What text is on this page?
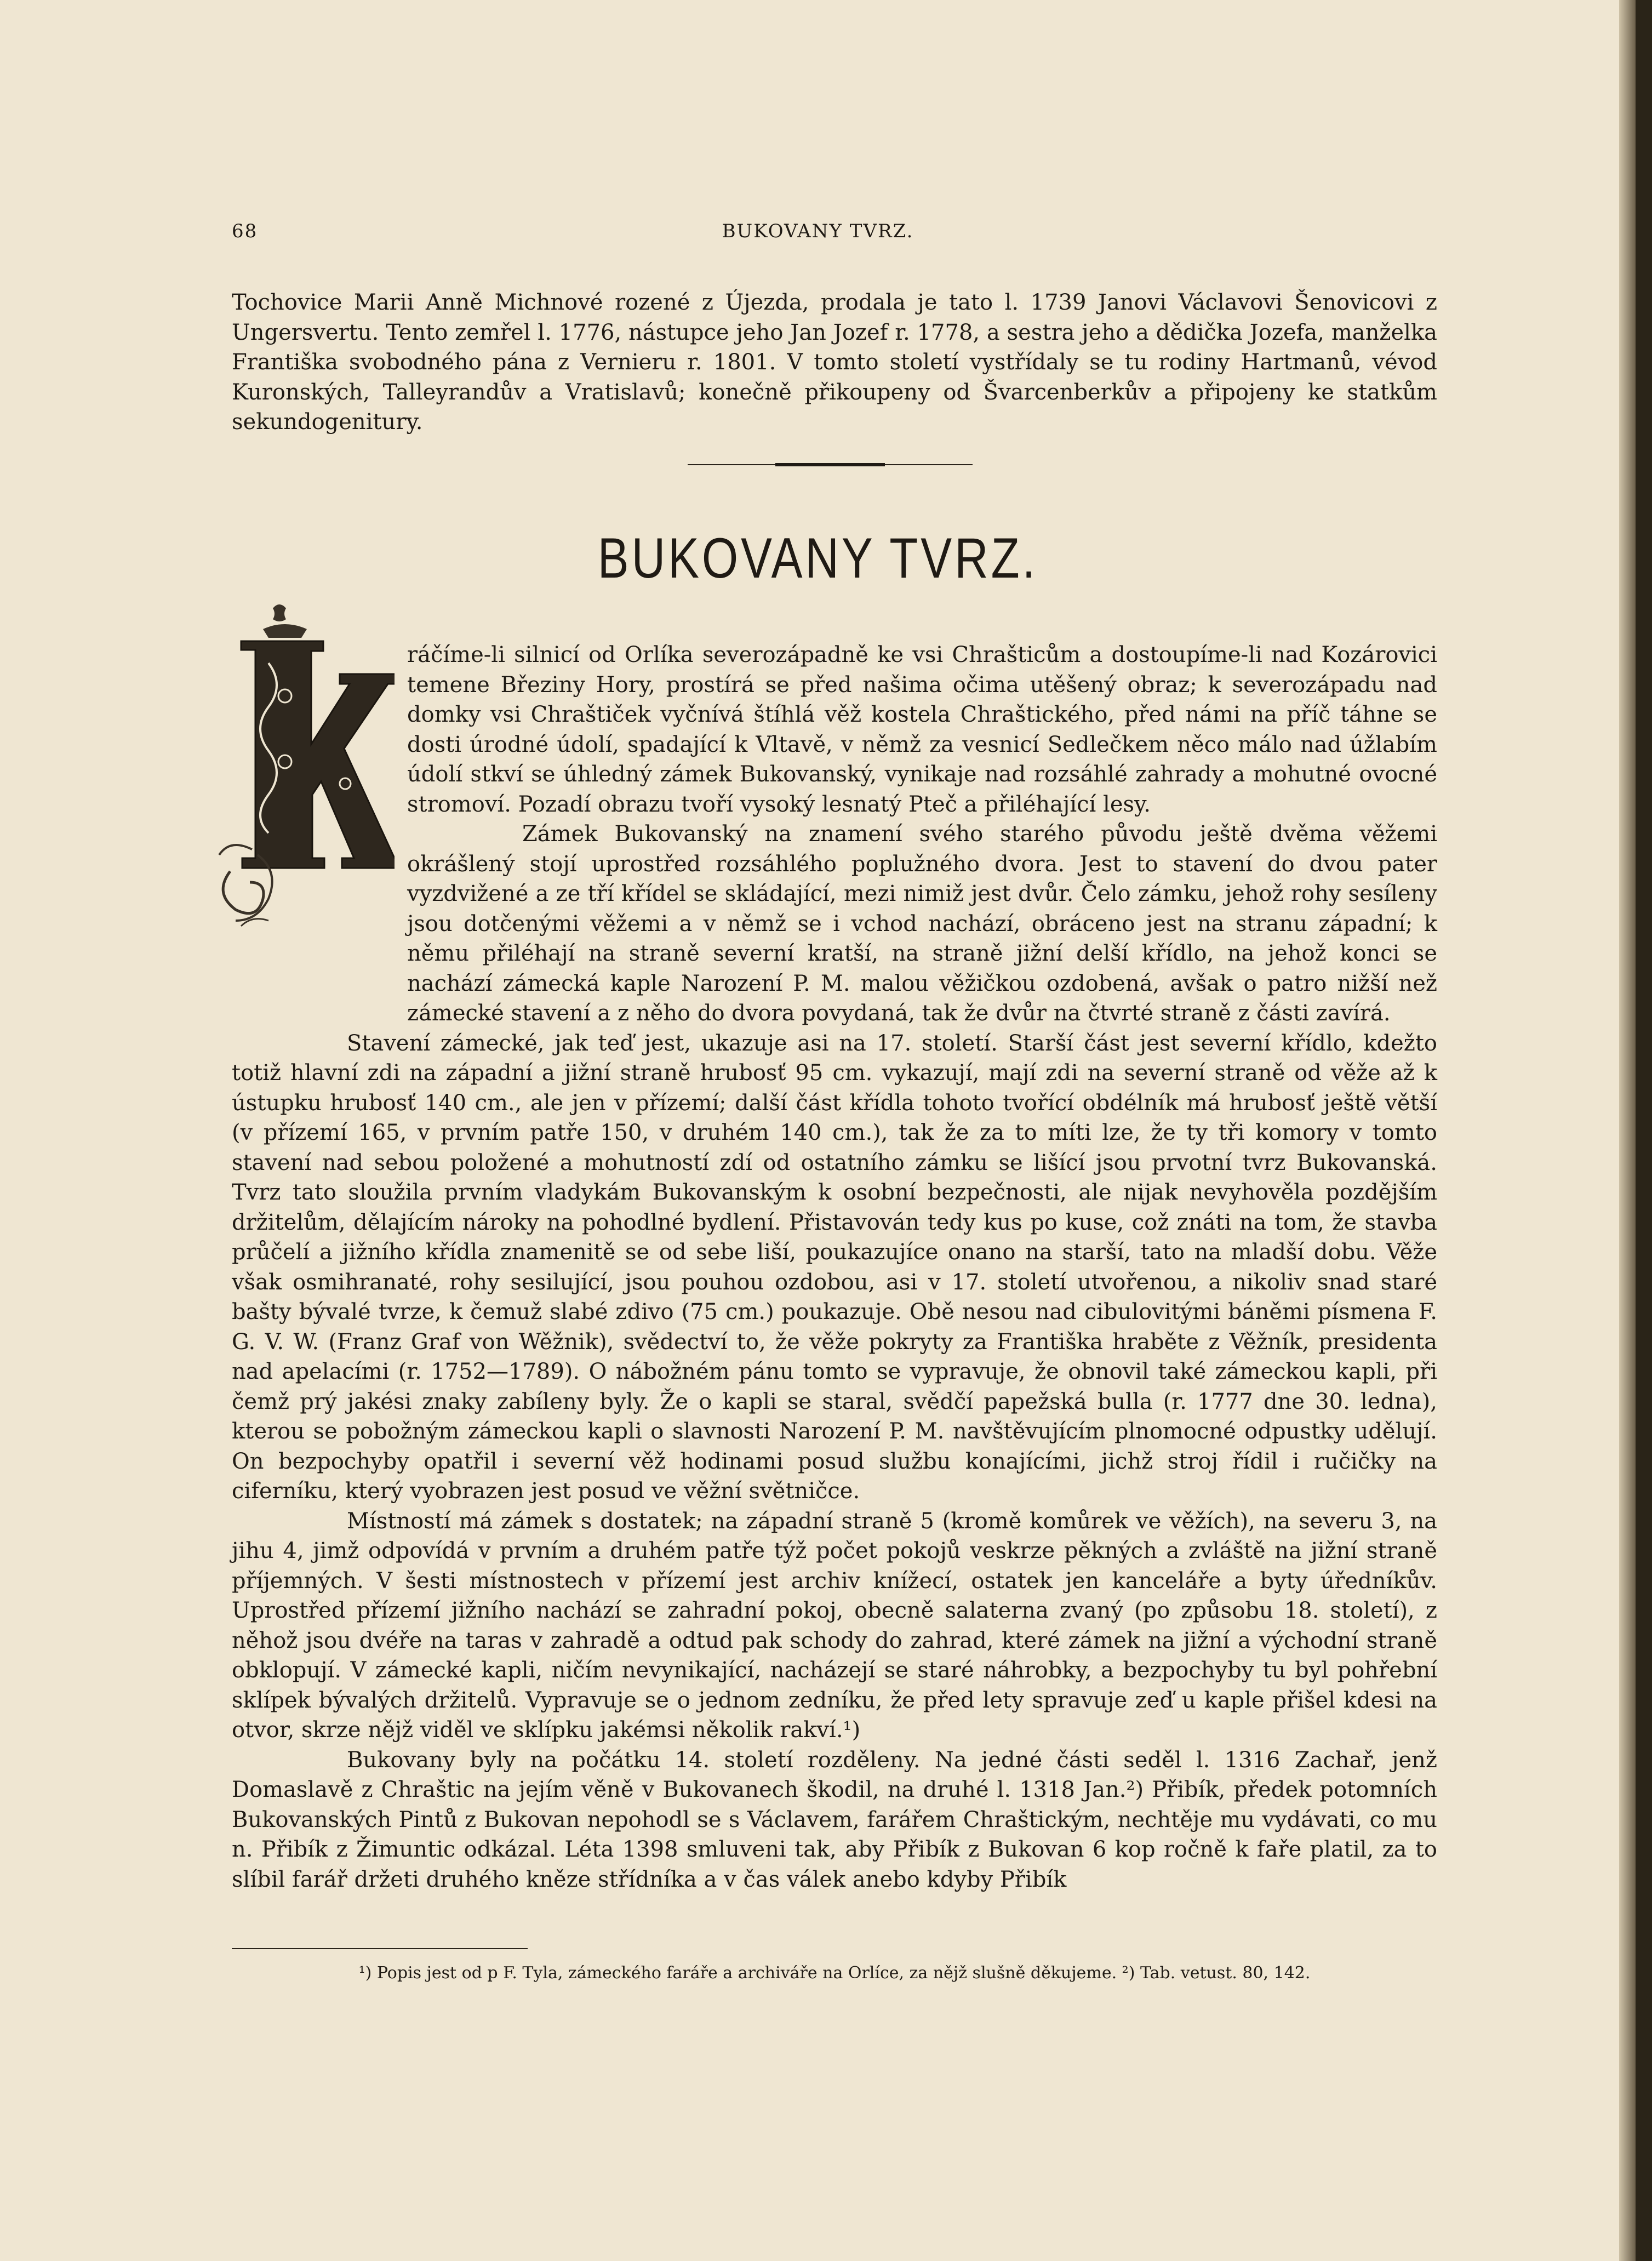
68	BUKOVANY TVRZ.

Tochovice Marii Anně Michnové rozené z Újezda, prodala je tato l. 1739 Janovi Václavovi Šenovicovi z Ungersvertu. Tento zemřel l. 1776, nástupce jeho Jan Jozef r. 1778, a sestra jeho a dědička Jozefa, manželka Františka svobodného pána z Vernieru r. 1801. V tomto století vystřídaly se tu rodiny Hartmanů, vévod Kuronských, Talleyrandův a Vratislavů; konečně přikoupeny od Švarcenberkův a připojeny ke statkům sekundogenitury.

BUKOVANY TVRZ.

ráčíme-li silnicí od Orlíka severozápadně ke vsi Chrašticům a dostoupíme-li nad Kozárovici temene Březiny Hory, prostírá se před našima očima utěšený obraz; k severozápadu nad domky vsi Chraštiček vyčnívá štíhlá věž kostela Chraštického, před námi na příč táhne se dosti úrodné údolí, spadající k Vltavě, v němž za vesnicí Sedlečkem něco málo nad úžlabím údolí stkví se úhledný zámek Bukovanský, vynikaje nad rozsáhlé zahrady a mohutné ovocné stromoví. Pozadí obrazu tvoří vysoký lesnatý Pteč a přiléhající lesy.

Zámek Bukovanský na znamení svého starého původu ještě dvěma věžemi okrášlený stojí uprostřed rozsáhlého poplužného dvora. Jest to stavení do dvou pater vyzdvižené a ze tří křídel se skládající, mezi nimiž jest dvůr. Čelo zámku, jehož rohy sesíleny jsou dotčenými věžemi a v němž se i vchod nachází, obráceno jest na stranu západní; k němu přiléhají na straně severní kratší, na straně jižní delší křídlo, na jehož konci se nachází zámecká kaple Narození P. M. malou věžičkou ozdobená, avšak o patro nižší než zámecké stavení a z něho do dvora povydaná, tak že dvůr na čtvrté straně z části zavírá.

Stavení zámecké, jak teď jest, ukazuje asi na 17. století. Starší část jest severní křídlo, kdežto totiž hlavní zdi na západní a jižní straně hrubosť 95 cm. vykazují, mají zdi na severní straně od věže až k ústupku hrubosť 140 cm., ale jen v přízemí; další část křídla tohoto tvořící obdélník má hrubosť ještě větší (v přízemí 165, v prvním patře 150, v druhém 140 cm.), tak že za to míti lze, že ty tři komory v tomto stavení nad sebou položené a mohutností zdí od ostatního zámku se lišící jsou prvotní tvrz Bukovanská. Tvrz tato sloužila prvním vladykám Bukovanským k osobní bezpečnosti, ale nijak nevyhověla pozdějším držitelům, dělajícím nároky na pohodlné bydlení. Přistavován tedy kus po kuse, což znáti na tom, že stavba průčelí a jižního křídla znamenitě se od sebe liší, poukazujíce onano na starší, tato na mladší dobu. Věže však osmihranaté, rohy sesilující, jsou pouhou ozdobou, asi v 17. století utvořenou, a nikoliv snad staré bašty bývalé tvrze, k čemuž slabé zdivo (75 cm.) poukazuje. Obě nesou nad cibulovitými báněmi písmena F. G. V. W. (Franz Graf von Wěžnik), svědectví to, že věže pokryty za Františka hraběte z Věžník, presidenta nad apelacími (r. 1752—1789). O nábožném pánu tomto se vypravuje, že obnovil také zámeckou kapli, při čemž prý jakési znaky zabíleny byly. Že o kapli se staral, svědčí papežská bulla (r. 1777 dne 30. ledna), kterou se pobožným zámeckou kapli o slavnosti Narození P. M. navštěvujícím plnomocné odpustky udělují. On bezpochyby opatřil i severní věž hodinami posud službu konajícími, jichž stroj řídil i ručičky na ciferníku, který vyobrazen jest posud ve věžní světničce.

Místností má zámek s dostatek; na západní straně 5 (kromě komůrek ve věžích), na severu 3, na jihu 4, jimž odpovídá v prvním a druhém patře týž počet pokojů veskrze pěkných a zvláště na jižní straně příjemných. V šesti místnostech v přízemí jest archiv knížecí, ostatek jen kanceláře a byty úředníkův. Uprostřed přízemí jižního nachází se zahradní pokoj, obecně salaterna zvaný (po způsobu 18. století), z něhož jsou dvéře na taras v zahradě a odtud pak schody do zahrad, které zámek na jižní a východní straně obklopují. V zámecké kapli, ničím nevynikající, nacházejí se staré náhrobky, a bezpochyby tu byl pohřební sklípek bývalých držitelů. Vypravuje se o jednom zedníku, že před lety spravuje zeď u kaple přišel kdesi na otvor, skrze nějž viděl ve sklípku jakémsi několik rakví.¹)

Bukovany byly na počátku 14. století rozděleny. Na jedné části seděl l. 1316 Zachař, jenž Domaslavě z Chraštic na jejím věně v Bukovanech škodil, na druhé l. 1318 Jan.²) Přibík, předek potomních Bukovanských Pintů z Bukovan nepohodl se s Václavem, farářem Chraštickým, nechtěje mu vydávati, co mu n. Přibík z Žimuntic odkázal. Léta 1398 smluveni tak, aby Přibík z Bukovan 6 kop ročně k faře platil, za to slíbil farář držeti druhého kněze střídníka a v čas válek anebo kdyby Přibík

¹) Popis jest od p F. Tyla, zámeckého faráře a archiváře na Orlíce, za nějž slušně děkujeme. ²) Tab. vetust. 80, 142.
